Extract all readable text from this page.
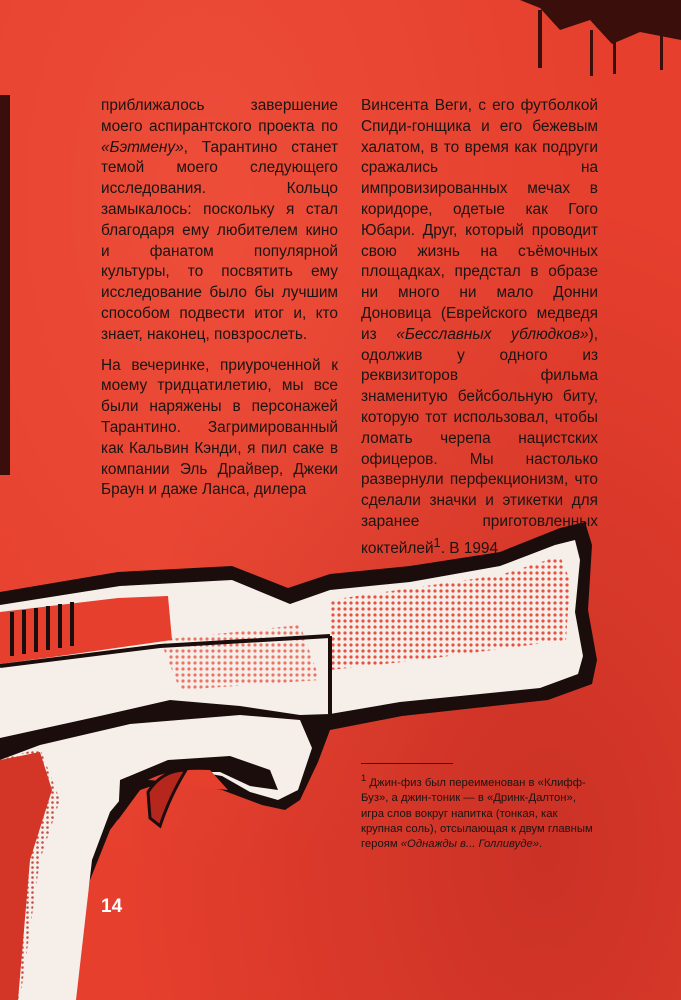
приближалось завершение моего аспирантского проекта по «Бэтмену», Тарантино станет темой моего следующего исследования. Кольцо замыкалось: поскольку я стал благодаря ему любителем кино и фанатом популярной культуры, то посвятить ему исследование было бы лучшим способом подвести итог и, кто знает, наконец, повзрослеть.

На вечеринке, приуроченной к моему тридцатилетию, мы все были наряжены в персонажей Тарантино. Загримированный как Кальвин Кэнди, я пил саке в компании Эль Драйвер, Джеки Браун и даже Ланса, дилера

Винсента Веги, с его футболкой Спиди-гонщика и его бежевым халатом, в то время как подруги сражались на импровизированных мечах в коридоре, одетые как Гого Юбари. Друг, который проводит свою жизнь на съёмочных площадках, предстал в образе ни много ни мало Донни Доновица (Еврейского медведя из «Бесславных ублюдков»), одолжив у одного из реквизиторов фильма знаменитую бейсбольную биту, которую тот использовал, чтобы ломать черепа нацистских офицеров. Мы настолько развернули перфекционизм, что сделали значки и этикетки для заранее приготовленных коктейлей$^1$. В 1994

$^1$ Джин-физ был переименован в «Клифф-Буз», а джин-тоник — в «Дринк-Далтон», игра слов вокруг напитка (тонкая, как крупная соль), отсылающая к двум главным героям «Однажды в... Голливуде».
14
